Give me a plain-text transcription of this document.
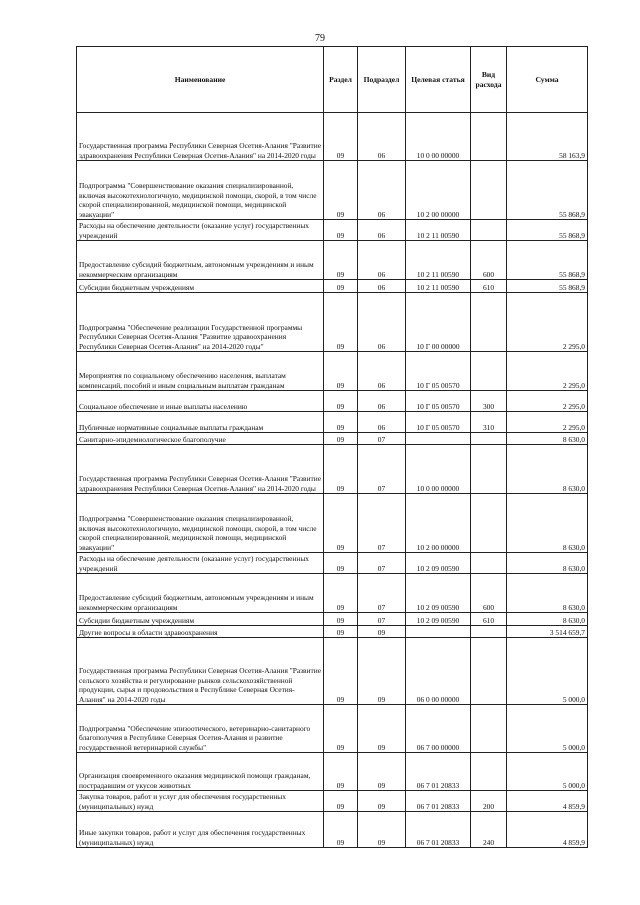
79
Наименование	Раздел	Подраздел	Целевая статья	Вид расхода	Сумма
Государственная программа Республики Северная Осетия-Алания "Развитие здравоохранения Республики Северная Осетия-Алания" на 2014-2020 годы	09	06	10 0 00 00000		58 163,9
Подпрограмма "Совершенствование оказания специализированной, включая высокотехнологичную, медицинской помощи, скорой, в том числе скорой специализированной, медицинской помощи, медицинской эвакуации"	09	06	10 2 00 00000		55 868,9
Расходы на обеспечение деятельности (оказание услуг) государственных учреждений	09	06	10 2 11 00590		55 868,9
Предоставление субсидий бюджетным, автономным учреждениям и иным некоммерческим организациям	09	06	10 2 11 00590	600	55 868,9
Субсидии бюджетным учреждениям	09	06	10 2 11 00590	610	55 868,9
Подпрограмма "Обеспечение реализации Государственной программы Республики Северная Осетия-Алания "Развитие здравоохранения Республики Северная Осетия-Алания" на 2014-2020 годы"	09	06	10 Г 00 00000		2 295,0
Мероприятия по социальному обеспечению населения, выплатам компенсаций, пособий и иным социальным выплатам гражданам	09	06	10 Г 05 00570		2 295,0
Социальное обеспечение и иные выплаты населению	09	06	10 Г 05 00570	300	2 295,0
Публичные нормативные социальные выплаты гражданам	09	06	10 Г 05 00570	310	2 295,0
Санитарно-эпидемиологическое благополучие	09	07			8 630,0
Государственная программа Республики Северная Осетия-Алания "Развитие здравоохранения Республики Северная Осетия-Алания" на 2014-2020 годы	09	07	10 0 00 00000		8 630,0
Подпрограмма "Совершенствование оказания специализированной, включая высокотехнологичную, медицинской помощи, скорой, в том числе скорой специализированной, медицинской помощи, медицинской эвакуации"	09	07	10 2 00 00000		8 630,0
Расходы на обеспечение деятельности (оказание услуг) государственных учреждений	09	07	10 2 09 00590		8 630,0
Предоставление субсидий бюджетным, автономным учреждениям и иным некоммерческим организациям	09	07	10 2 09 00590	600	8 630,0
Субсидии бюджетным учреждениям	09	07	10 2 09 00590	610	8 630,0
Другие вопросы в области здравоохранения	09	09			3 514 659,7
Государственная программа Республики Северная Осетия-Алания "Развитие сельского хозяйства и регулирование рынков сельскохозяйственной продукции, сырья и продовольствия в Республике Северная Осетия-Алания" на 2014-2020 годы	09	09	06 0 00 00000		5 000,0
Подпрограмма "Обеспечение эпизоотического, ветеринарно-санитарного благополучия в Республике Северная Осетия-Алания и развитие государственной ветеринарной службы"	09	09	06 7 00 00000		5 000,0
Организация своевременного оказания медицинской помощи гражданам, пострадавшим от укусов животных	09	09	06 7 01 20833		5 000,0
Закупка товаров, работ и услуг для обеспечения государственных (муниципальных) нужд	09	09	06 7 01 20833	200	4 859,9
Иные закупки товаров, работ и услуг для обеспечения государственных (муниципальных) нужд	09	09	06 7 01 20833	240	4 859,9
